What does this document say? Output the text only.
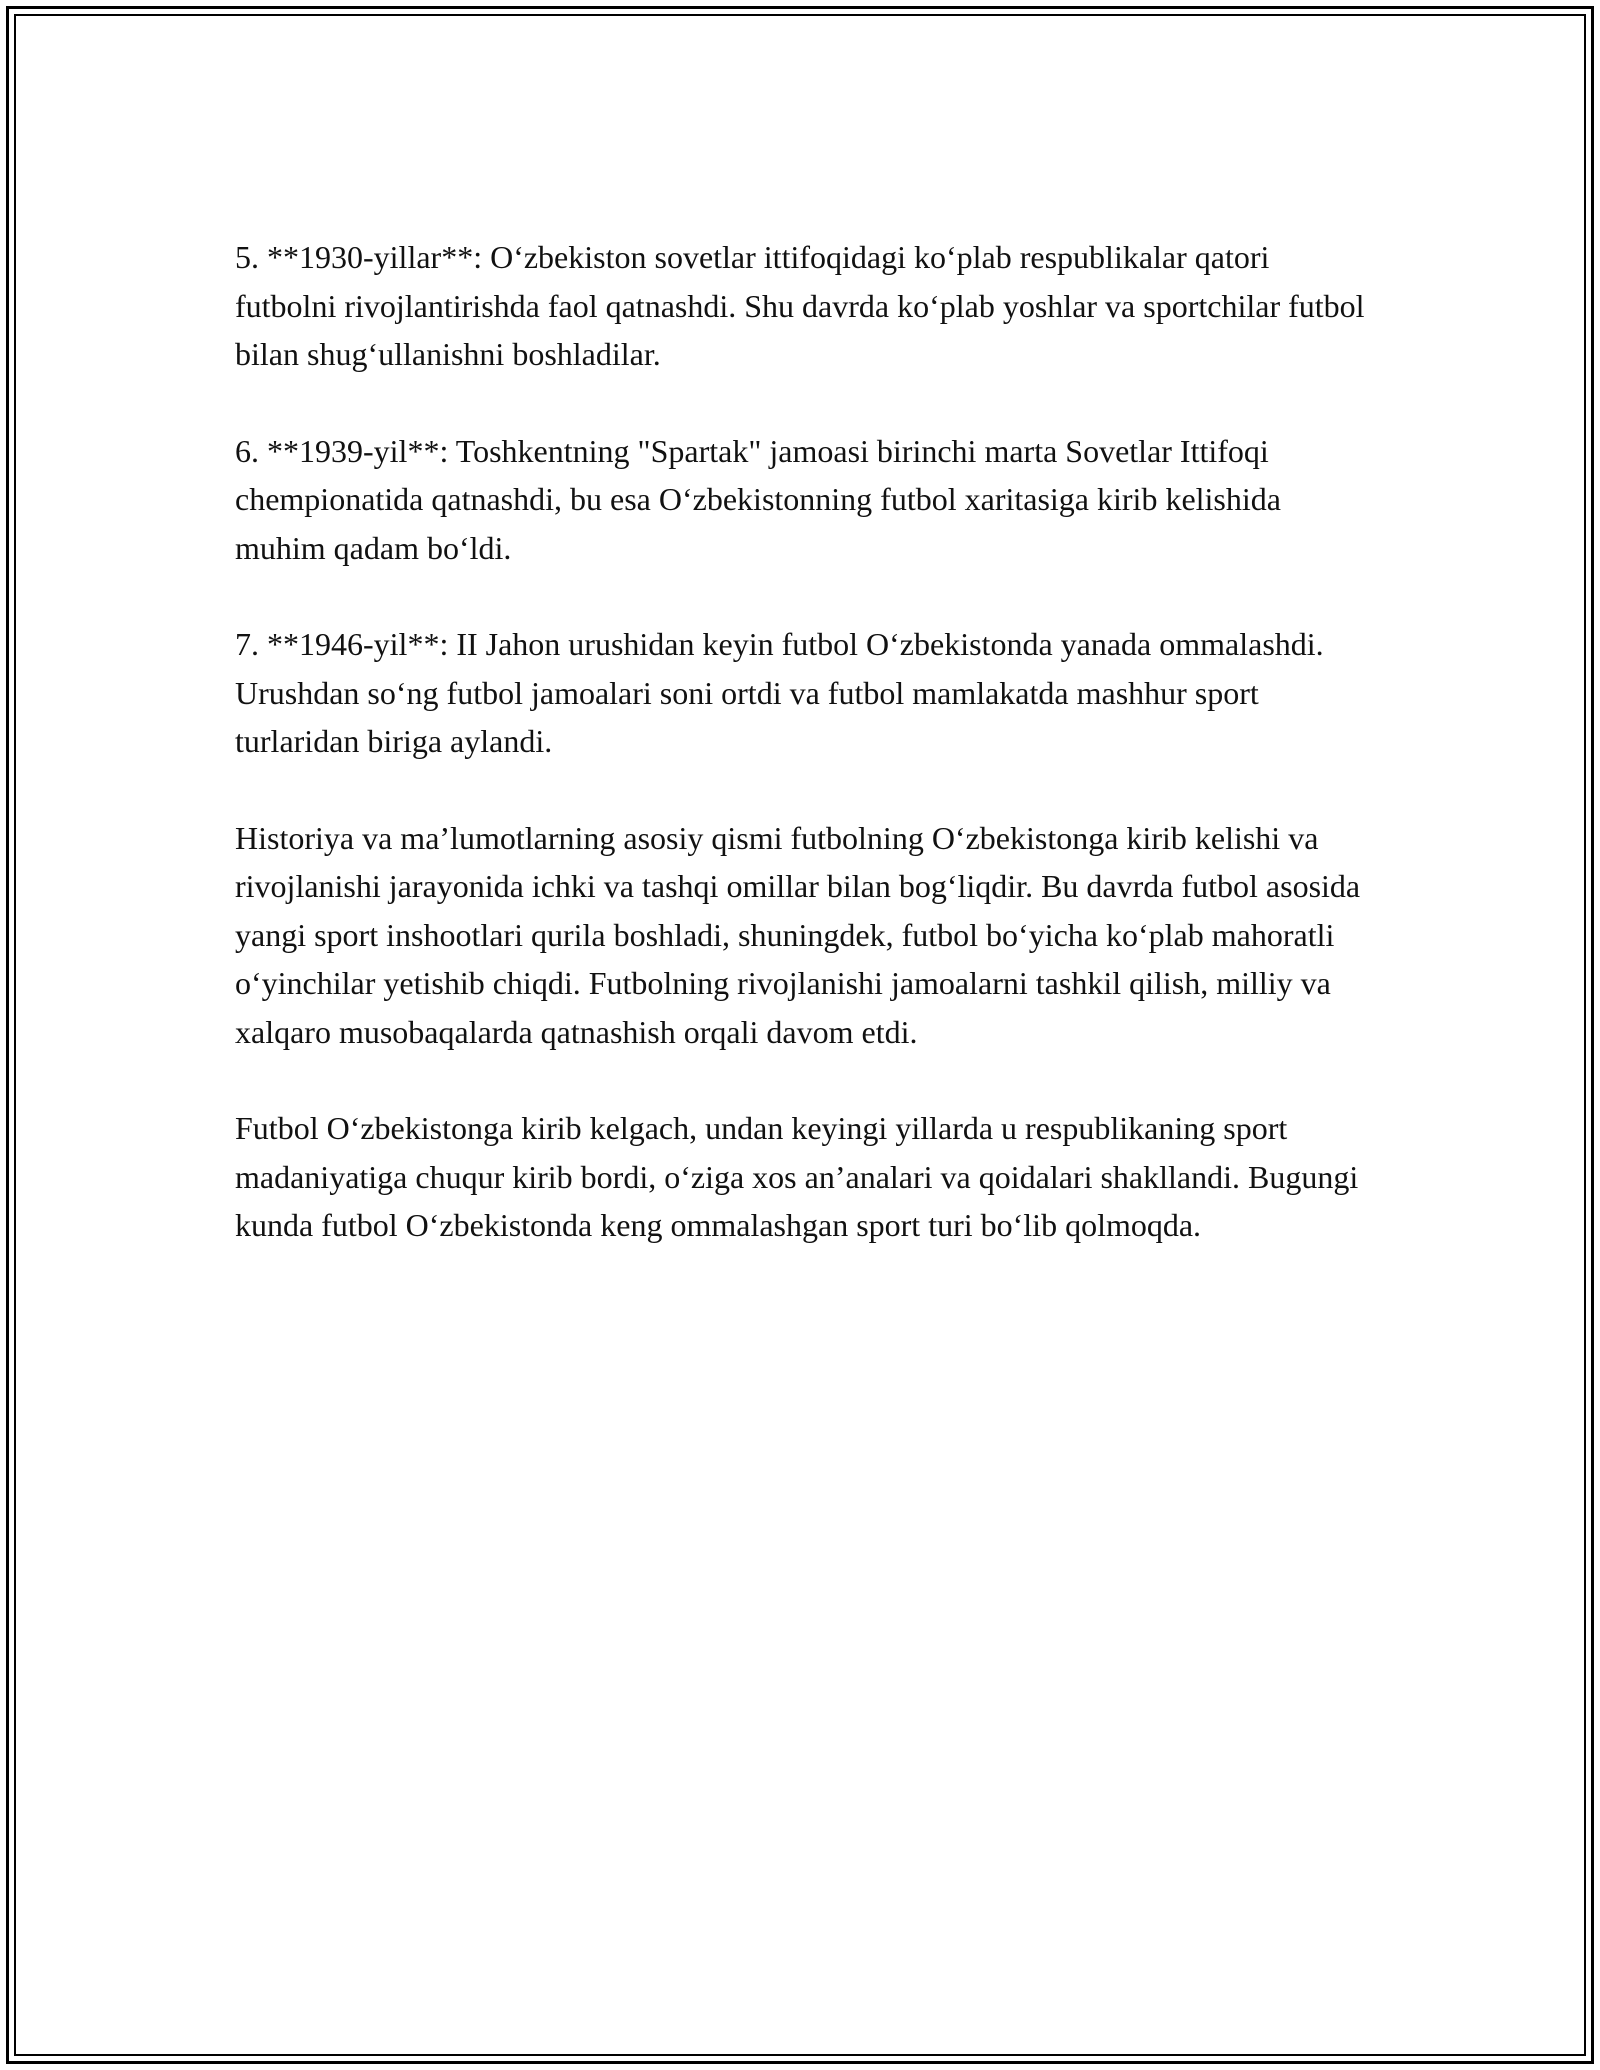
5. **1930-yillar**: O‘zbekiston sovetlar ittifoqidagi ko‘plab respublikalar qatori futbolni rivojlantirishda faol qatnashdi. Shu davrda ko‘plab yoshlar va sportchilar futbol bilan shug‘ullanishni boshladilar.

6. **1939-yil**: Toshkentning "Spartak" jamoasi birinchi marta Sovetlar Ittifoqi chempionatida qatnashdi, bu esa O‘zbekistonning futbol xaritasiga kirib kelishida muhim qadam bo‘ldi.

7. **1946-yil**: II Jahon urushidan keyin futbol O‘zbekistonda yanada ommalashdi. Urushdan so‘ng futbol jamoalari soni ortdi va futbol mamlakatda mashhur sport turlaridan biriga aylandi.

Historiya va ma’lumotlarning asosiy qismi futbolning O‘zbekistonga kirib kelishi va rivojlanishi jarayonida ichki va tashqi omillar bilan bog‘liqdir. Bu davrda futbol asosida yangi sport inshootlari qurila boshladi, shuningdek, futbol bo‘yicha ko‘plab mahoratli o‘yinchilar yetishib chiqdi. Futbolning rivojlanishi jamoalarni tashkil qilish, milliy va xalqaro musobaqalarda qatnashish orqali davom etdi.

Futbol O‘zbekistonga kirib kelgach, undan keyingi yillarda u respublikaning sport madaniyatiga chuqur kirib bordi, o‘ziga xos an’analari va qoidalari shakllandi. Bugungi kunda futbol O‘zbekistonda keng ommalashgan sport turi bo‘lib qolmoqda.
